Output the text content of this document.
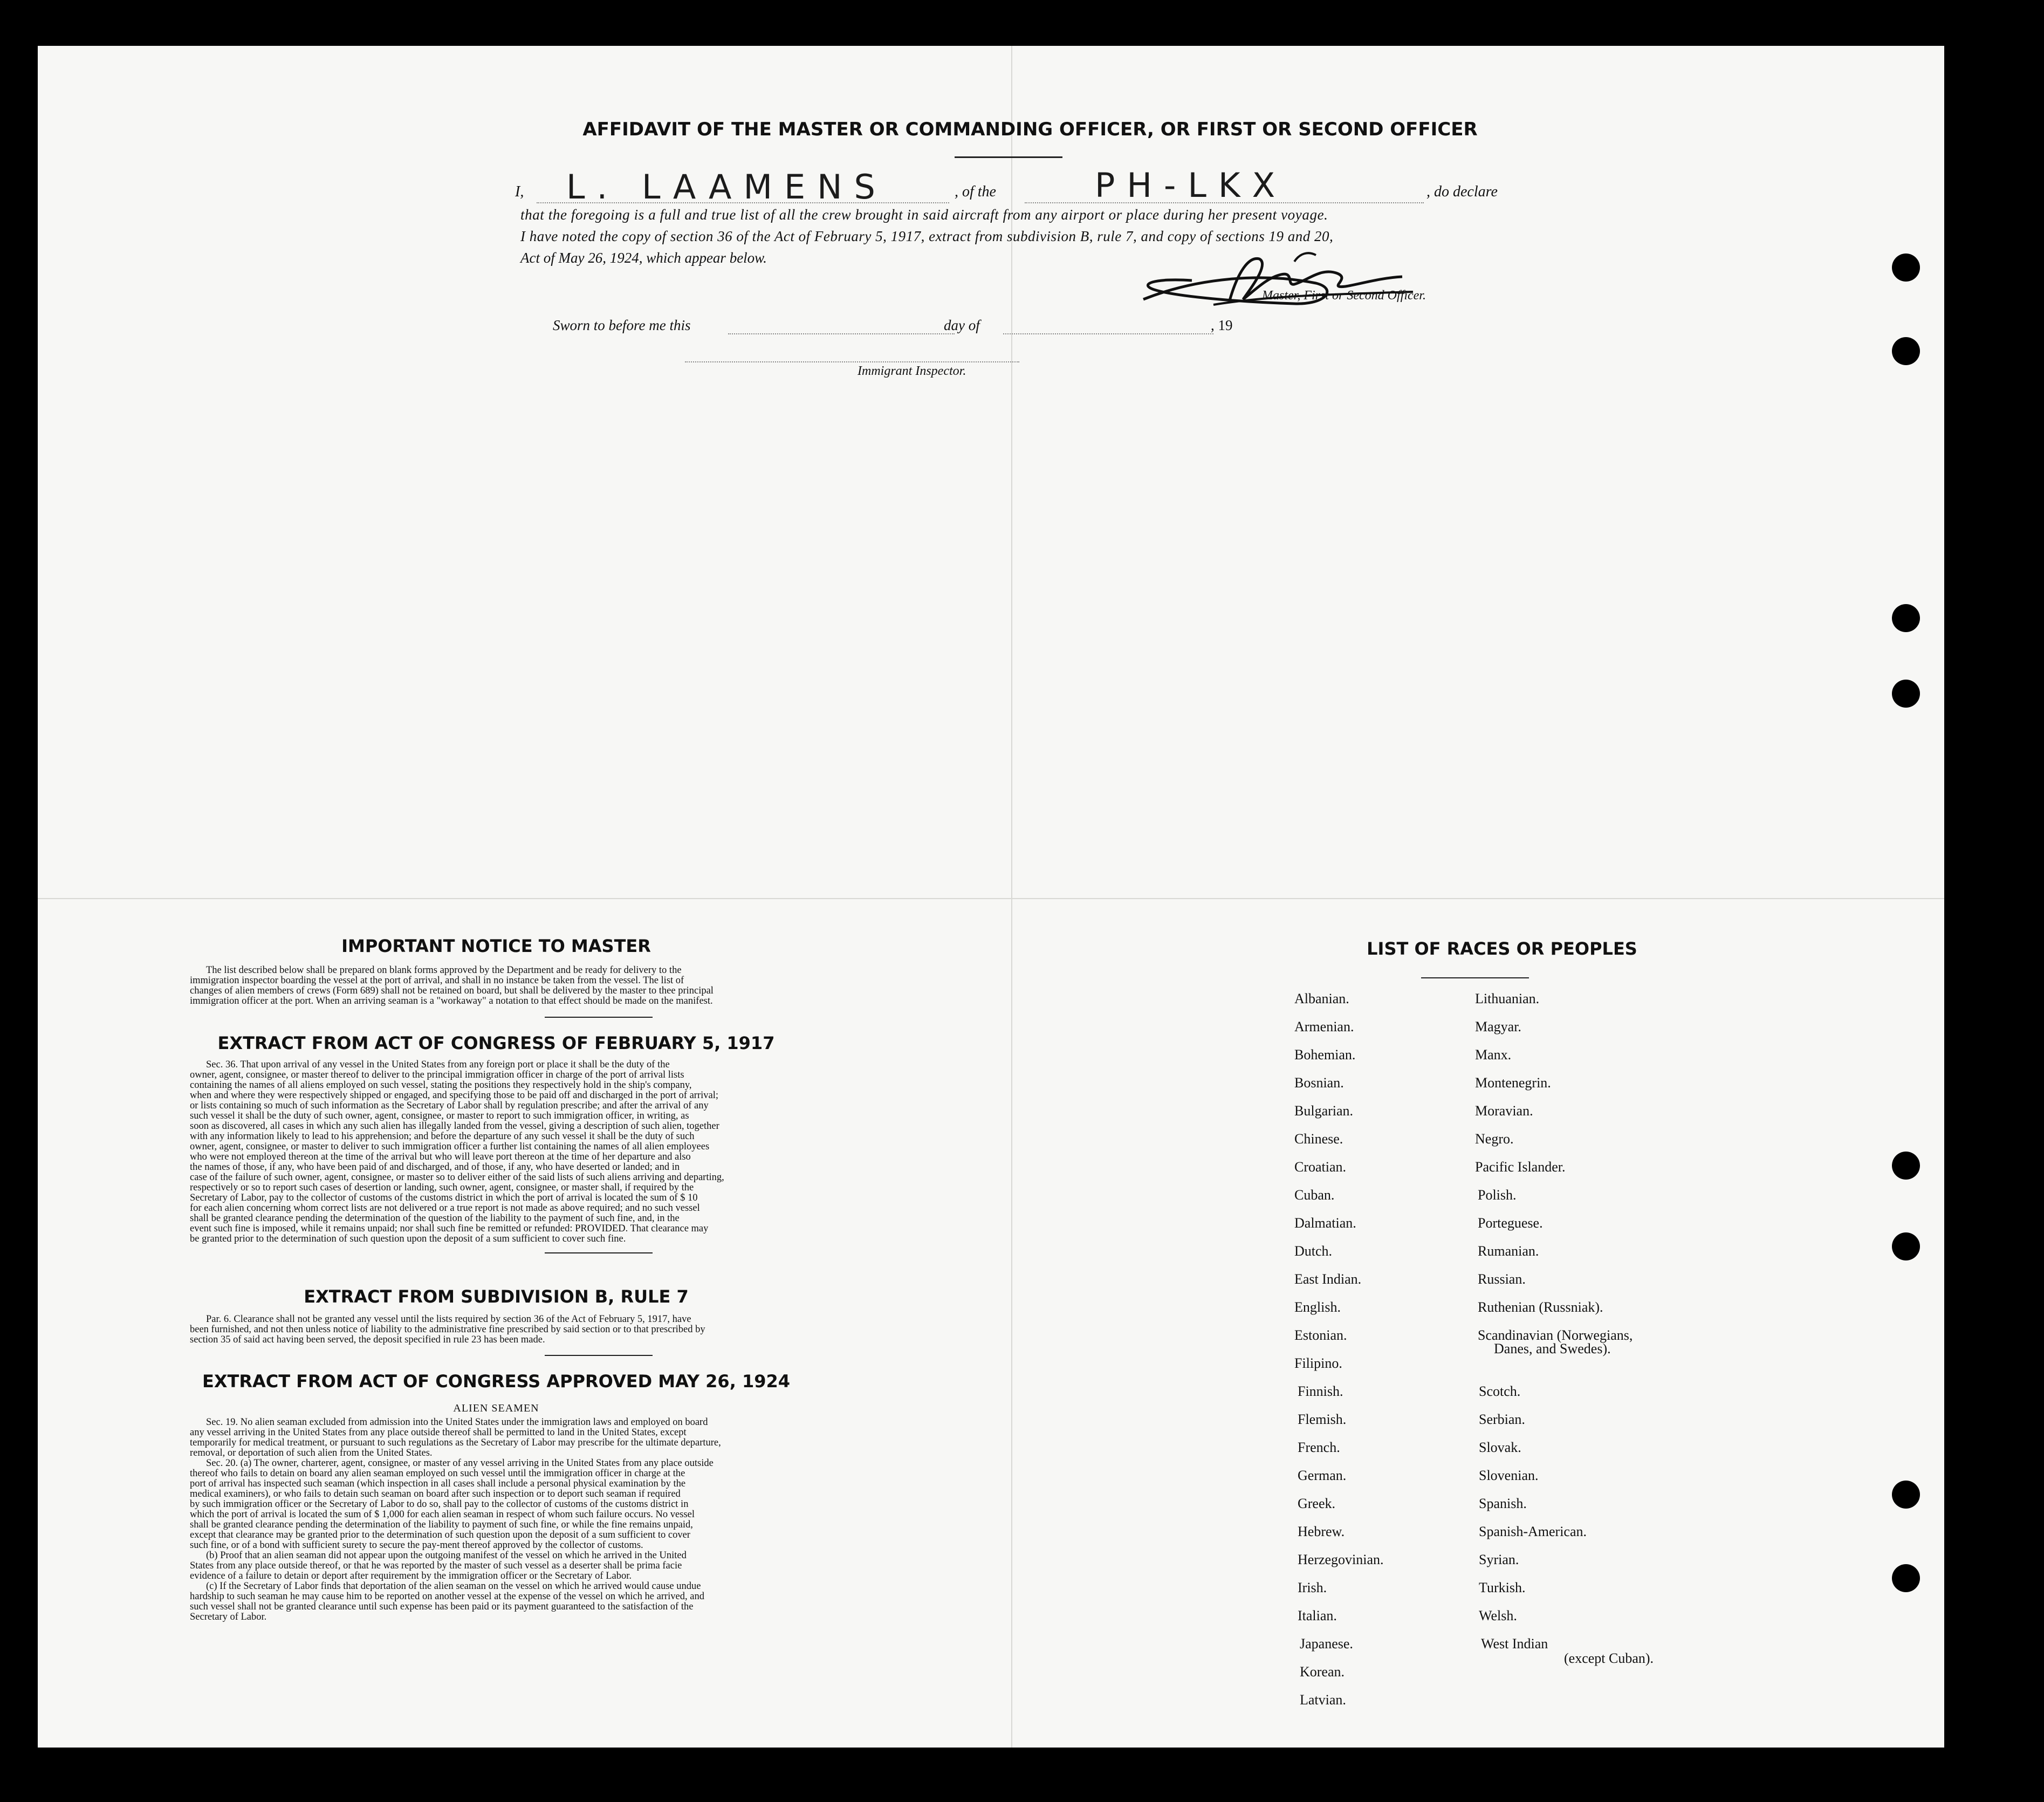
AFFIDAVIT OF THE MASTER OR COMMANDING OFFICER, OR FIRST OR SECOND OFFICER
I, L. LAAMENS	, of the	PH-LKX	, do declare
that the foregoing is a full and true list of all the crew brought in said aircraft from any airport or place during her present voyage.
I have noted the copy of section 36 of the Act of February 5, 1917, extract from subdivision B, rule 7, and copy of sections 19 and 20,
Act of May 26, 1924, which appear below.
Master, First or Second Officer.
Sworn to before me this	day of	, 19
Immigrant Inspector.
IMPORTANT NOTICE TO MASTER
The list described below shall be prepared on blank forms approved by the Department and be ready for delivery to the
immigration inspector boarding the vessel at the port of arrival, and shall in no instance be taken from the vessel. The list of
changes of alien members of crews (Form 689) shall not be retained on board, but shall be delivered by the master to thee principal
immigration officer at the port. When an arriving seaman is a "workaway" a notation to that effect should be made on the manifest.
EXTRACT FROM ACT OF CONGRESS OF FEBRUARY 5, 1917
Sec. 36. That upon arrival of any vessel in the United States from any foreign port or place it shall be the duty of the
owner, agent, consignee, or master thereof to deliver to the principal immigration officer in charge of the port of arrival lists
containing the names of all aliens employed on such vessel, stating the positions they respectively hold in the ship's company,
when and where they were respectively shipped or engaged, and specifying those to be paid off and discharged in the port of arrival;
or lists containing so much of such information as the Secretary of Labor shall by regulation prescribe; and after the arrival of any
such vessel it shall be the duty of such owner, agent, consignee, or master to report to such immigration officer, in writing, as
soon as discovered, all cases in which any such alien has illegally landed from the vessel, giving a description of such alien, together
with any information likely to lead to his apprehension; and before the departure of any such vessel it shall be the duty of such
owner, agent, consignee, or master to deliver to such immigration officer a further list containing the names of all alien employees
who were not employed thereon at the time of the arrival but who will leave port thereon at the time of her departure and also
the names of those, if any, who have been paid of and discharged, and of those, if any, who have deserted or landed; and in
case of the failure of such owner, agent, consignee, or master so to deliver either of the said lists of such aliens arriving and departing,
respectively or so to report such cases of desertion or landing, such owner, agent, consignee, or master shall, if required by the
Secretary of Labor, pay to the collector of customs of the customs district in which the port of arrival is located the sum of $ 10
for each alien concerning whom correct lists are not delivered or a true report is not made as above required; and no such vessel
shall be granted clearance pending the determination of the question of the liability to the payment of such fine, and, in the
event such fine is imposed, while it remains unpaid; nor shall such fine be remitted or refunded: PROVIDED. That clearance may
be granted prior to the determination of such question upon the deposit of a sum sufficient to cover such fine.
EXTRACT FROM SUBDIVISION B, RULE 7
Par. 6. Clearance shall not be granted any vessel until the lists required by section 36 of the Act of February 5, 1917, have
been furnished, and not then unless notice of liability to the administrative fine prescribed by said section or to that prescribed by
section 35 of said act having been served, the deposit specified in rule 23 has been made.
EXTRACT FROM ACT OF CONGRESS APPROVED MAY 26, 1924
ALIEN SEAMEN
Sec. 19. No alien seaman excluded from admission into the United States under the immigration laws and employed on board
any vessel arriving in the United States from any place outside thereof shall be permitted to land in the United States, except
temporarily for medical treatment, or pursuant to such regulations as the Secretary of Labor may prescribe for the ultimate departure,
removal, or deportation of such alien from the United States.
Sec. 20. (a) The owner, charterer, agent, consignee, or master of any vessel arriving in the United States from any place outside
thereof who fails to detain on board any alien seaman employed on such vessel until the immigration officer in charge at the
port of arrival has inspected such seaman (which inspection in all cases shall include a personal physical examination by the
medical examiners), or who fails to detain such seaman on board after such inspection or to deport such seaman if required
by such immigration officer or the Secretary of Labor to do so, shall pay to the collector of customs of the customs district in
which the port of arrival is located the sum of $ 1,000 for each alien seaman in respect of whom such failure occurs. No vessel
shall be granted clearance pending the determination of the liability to payment of such fine, or while the fine remains unpaid,
except that clearance may be granted prior to the determination of such question upon the deposit of a sum sufficient to cover
such fine, or of a bond with sufficient surety to secure the pay-ment thereof approved by the collector of customs.
(b) Proof that an alien seaman did not appear upon the outgoing manifest of the vessel on which he arrived in the United
States from any place outside thereof, or that he was reported by the master of such vessel as a deserter shall be prima facie
evidence of a failure to detain or deport after requirement by the immigration officer or the Secretary of Labor.
(c) If the Secretary of Labor finds that deportation of the alien seaman on the vessel on which he arrived would cause undue
hardship to such seaman he may cause him to be reported on another vessel at the expense of the vessel on which he arrived, and
such vessel shall not be granted clearance until such expense has been paid or its payment guaranteed to the satisfaction of the
Secretary of Labor.
LIST OF RACES OR PEOPLES
Albanian.
Armenian.
Bohemian.
Bosnian.
Bulgarian.
Chinese.
Croatian.
Cuban.
Dalmatian.
Dutch.
East Indian.
English.
Estonian.
Filipino.
Finnish.
Flemish.
French.
German.
Greek.
Hebrew.
Herzegovinian.
Irish.
Italian.
Japanese.
Korean.
Latvian.
Lithuanian.
Magyar.
Manx.
Montenegrin.
Moravian.
Negro.
Pacific Islander.
Polish.
Porteguese.
Rumanian.
Russian.
Ruthenian (Russniak).
Scandinavian (Norwegians,
Danes, and Swedes).
Scotch.
Serbian.
Slovak.
Slovenian.
Spanish.
Spanish-American.
Syrian.
Turkish.
Welsh.
West Indian
(except Cuban).
